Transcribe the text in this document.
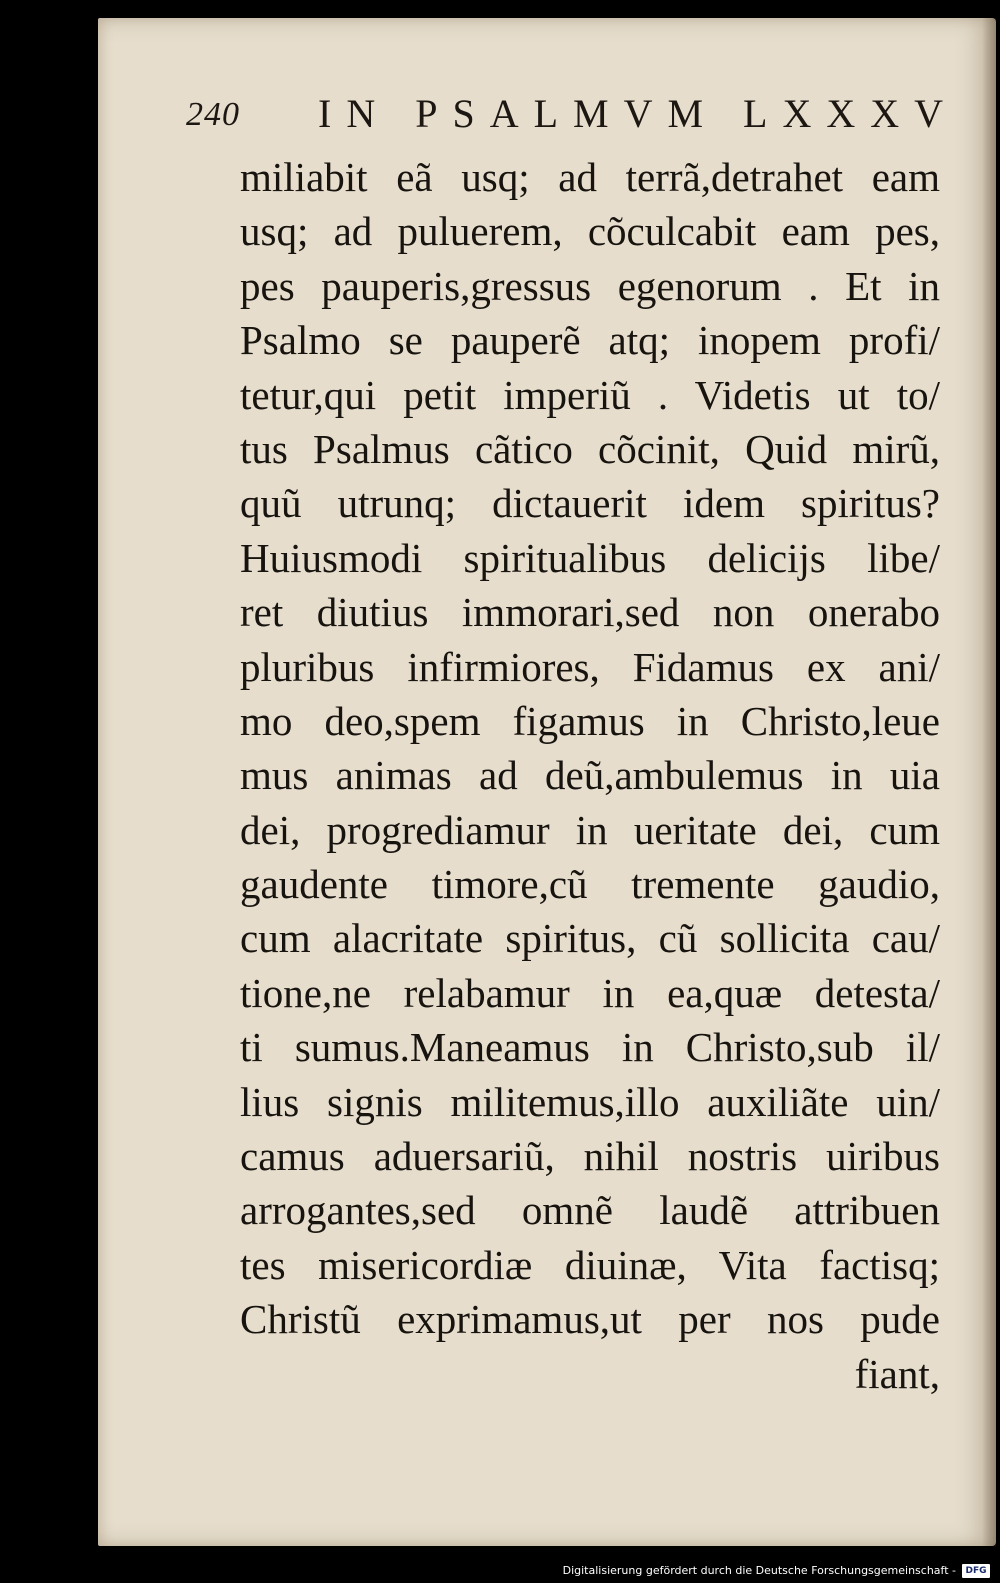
240 IN PSALMVM LXXXV
miliabit eã usq; ad terrã,detrahet eam
usq; ad puluerem, cõculcabit eam pes,
pes pauperis,gressus egenorum . Et in
Psalmo se pauperẽ atq; inopem profi/
tetur,qui petit imperiũ . Videtis ut to/
tus Psalmus cãtico cõcinit, Quid mirũ,
quũ utrunq; dictauerit idem spiritus?
Huiusmodi spiritualibus delicijs libe/
ret diutius immorari,sed non onerabo
pluribus infirmiores, Fidamus ex ani/
mo deo,spem figamus in Christo,leue
mus animas ad deũ,ambulemus in uia
dei, progrediamur in ueritate dei, cum
gaudente timore,cũ tremente gaudio,
cum alacritate spiritus, cũ sollicita cau/
tione,ne relabamur in ea,quæ detesta/
ti sumus.Maneamus in Christo,sub il/
lius signis militemus,illo auxiliãte uin/
camus aduersariũ, nihil nostris uiribus
arrogantes,sed omnẽ laudẽ attribuen
tes misericordiæ diuinæ, Vita factisq;
Christũ exprimamus,ut per nos pude
fiant,
Digitalisierung gefördert durch die Deutsche Forschungsgemeinschaft -	DFG
